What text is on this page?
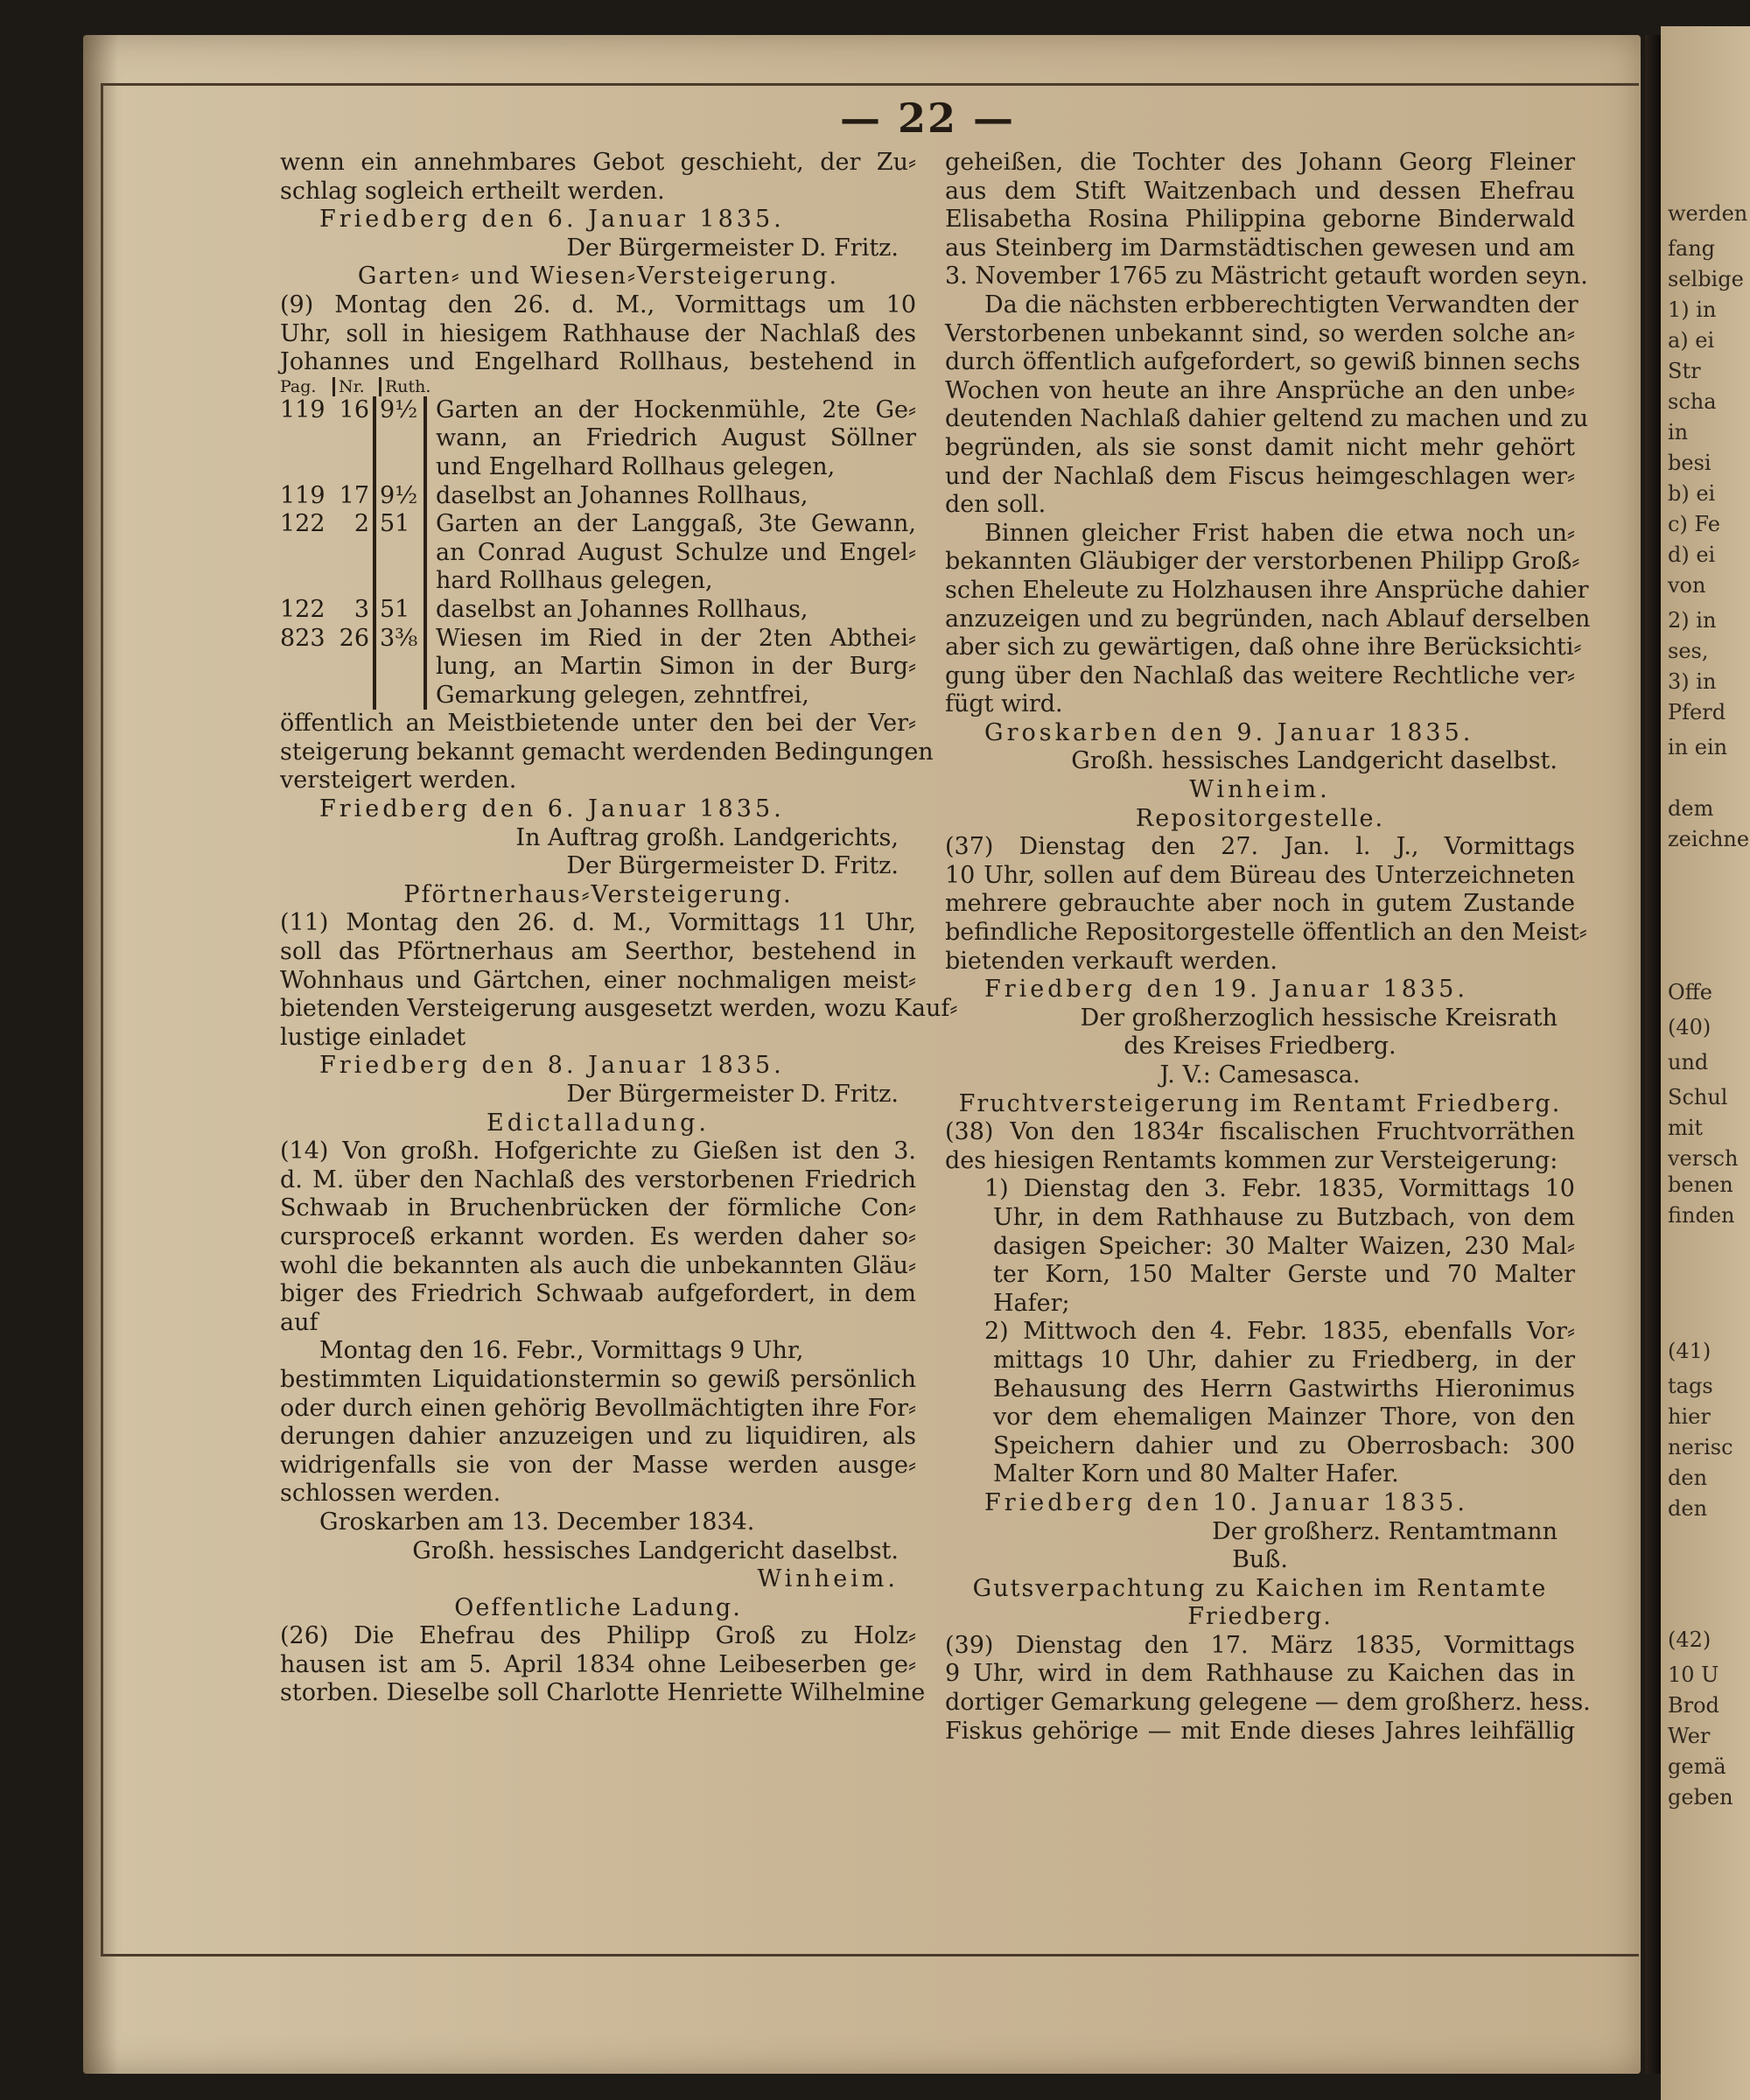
werden
fang
selbige
1) in
a) ei
Str
scha
in
besi
b) ei
c) Fe
d) ei
von
2) in
ses,
3) in
Pferd
in ein
dem
zeichne
Offe
(40)
und
Schul
mit
versch
benen
finden
(41)
tags
hier
nerisc
den
den
(42)
10 U
Brod
Wer
gemä
geben
— 22 —
wenn ein annehmbares Gebot geschieht, der Zu⸗
schlag sogleich ertheilt werden.
Friedberg den 6. Januar 1835.
Der Bürgermeister D. Fritz.
Garten⸗ und Wiesen⸗Versteigerung.
(9) Montag den 26. d. M., Vormittags um 10
Uhr, soll in hiesigem Rathhause der Nachlaß des
Johannes und Engelhard Rollhaus, bestehend in
Pag.	Nr.	Ruth.
119 16 9½ Garten an der Hockenmühle, 2te Ge⸗
wann, an Friedrich August Söllner
und Engelhard Rollhaus gelegen,
119 17 9½ daselbst an Johannes Rollhaus,
122	2 51	Garten an der Langgaß, 3te Gewann,
an Conrad August Schulze und Engel⸗
hard Rollhaus gelegen,
122	3 51	daselbst an Johannes Rollhaus,
823 26 3⅜ Wiesen im Ried in der 2ten Abthei⸗
lung, an Martin Simon in der Burg⸗
Gemarkung gelegen, zehntfrei,
öffentlich an Meistbietende unter den bei der Ver⸗
steigerung bekannt gemacht werdenden Bedingungen
versteigert werden.
Friedberg den 6. Januar 1835.
In Auftrag großh. Landgerichts,
Der Bürgermeister D. Fritz.
Pförtnerhaus⸗Versteigerung.
(11) Montag den 26. d. M., Vormittags 11 Uhr,
soll das Pförtnerhaus am Seerthor, bestehend in
Wohnhaus und Gärtchen, einer nochmaligen meist⸗
bietenden Versteigerung ausgesetzt werden, wozu Kauf⸗
lustige einladet
Friedberg den 8. Januar 1835.
Der Bürgermeister D. Fritz.
Edictalladung.
(14) Von großh. Hofgerichte zu Gießen ist den 3.
d. M. über den Nachlaß des verstorbenen Friedrich
Schwaab in Bruchenbrücken der förmliche Con⸗
cursproceß erkannt worden. Es werden daher so⸗
wohl die bekannten als auch die unbekannten Gläu⸗
biger des Friedrich Schwaab aufgefordert, in dem
auf
Montag den 16. Febr., Vormittags 9 Uhr,
bestimmten Liquidationstermin so gewiß persönlich
oder durch einen gehörig Bevollmächtigten ihre For⸗
derungen dahier anzuzeigen und zu liquidiren, als
widrigenfalls sie von der Masse werden ausge⸗
schlossen werden.
Groskarben am 13. December 1834.
Großh. hessisches Landgericht daselbst.
Winheim.
Oeffentliche Ladung.
(26) Die Ehefrau des Philipp Groß zu Holz⸗
hausen ist am 5. April 1834 ohne Leibeserben ge⸗
storben. Dieselbe soll Charlotte Henriette Wilhelmine
geheißen, die Tochter des Johann Georg Fleiner
aus dem Stift Waitzenbach und dessen Ehefrau
Elisabetha Rosina Philippina geborne Binderwald
aus Steinberg im Darmstädtischen gewesen und am
3. November 1765 zu Mästricht getauft worden seyn.
Da die nächsten erbberechtigten Verwandten der
Verstorbenen unbekannt sind, so werden solche an⸗
durch öffentlich aufgefordert, so gewiß binnen sechs
Wochen von heute an ihre Ansprüche an den unbe⸗
deutenden Nachlaß dahier geltend zu machen und zu
begründen, als sie sonst damit nicht mehr gehört
und der Nachlaß dem Fiscus heimgeschlagen wer⸗
den soll.
Binnen gleicher Frist haben die etwa noch un⸗
bekannten Gläubiger der verstorbenen Philipp Groß⸗
schen Eheleute zu Holzhausen ihre Ansprüche dahier
anzuzeigen und zu begründen, nach Ablauf derselben
aber sich zu gewärtigen, daß ohne ihre Berücksichti⸗
gung über den Nachlaß das weitere Rechtliche ver⸗
fügt wird.
Groskarben den 9. Januar 1835.
Großh. hessisches Landgericht daselbst.
Winheim.
Repositorgestelle.
(37) Dienstag den 27. Jan. l. J., Vormittags
10 Uhr, sollen auf dem Büreau des Unterzeichneten
mehrere gebrauchte aber noch in gutem Zustande
befindliche Repositorgestelle öffentlich an den Meist⸗
bietenden verkauft werden.
Friedberg den 19. Januar 1835.
Der großherzoglich hessische Kreisrath
des Kreises Friedberg.
J. V.: Camesasca.
Fruchtversteigerung im Rentamt Friedberg.
(38) Von den 1834r fiscalischen Fruchtvorräthen
des hiesigen Rentamts kommen zur Versteigerung:
1) Dienstag den 3. Febr. 1835, Vormittags 10
Uhr, in dem Rathhause zu Butzbach, von dem
dasigen Speicher: 30 Malter Waizen, 230 Mal⸗
ter Korn, 150 Malter Gerste und 70 Malter
Hafer;
2) Mittwoch den 4. Febr. 1835, ebenfalls Vor⸗
mittags 10 Uhr, dahier zu Friedberg, in der
Behausung des Herrn Gastwirths Hieronimus
vor dem ehemaligen Mainzer Thore, von den
Speichern dahier und zu Oberrosbach: 300
Malter Korn und 80 Malter Hafer.
Friedberg den 10. Januar 1835.
Der großherz. Rentamtmann
Buß.
Gutsverpachtung zu Kaichen im Rentamte
Friedberg.
(39) Dienstag den 17. März 1835, Vormittags
9 Uhr, wird in dem Rathhause zu Kaichen das in
dortiger Gemarkung gelegene — dem großherz. hess.
Fiskus gehörige — mit Ende dieses Jahres leihfällig
